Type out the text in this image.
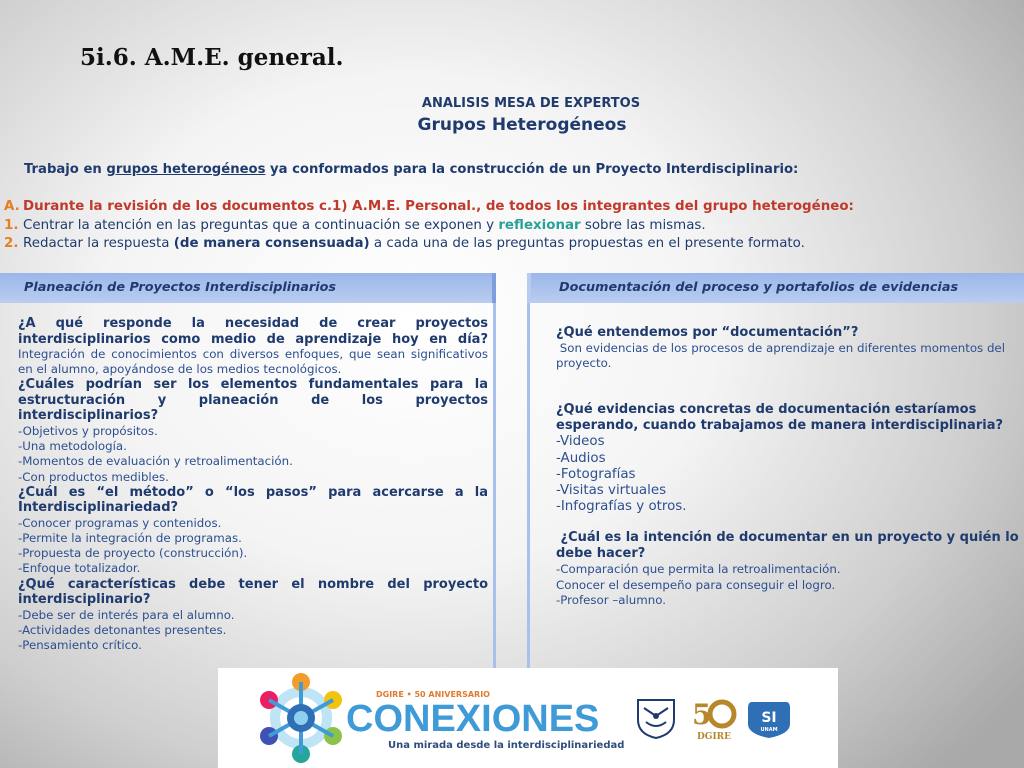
5i.6. A.M.E. general.
ANALISIS MESA DE EXPERTOS
Grupos Heterogéneos
Trabajo en grupos heterogéneos ya conformados para la construcción de un Proyecto Interdisciplinario:
A. Durante la revisión de los documentos c.1) A.M.E. Personal., de todos los integrantes del grupo heterogéneo:
1. Centrar la atención en las preguntas que a continuación se exponen y reflexionar sobre las mismas.
2. Redactar la respuesta (de manera consensuada) a cada una de las preguntas propuestas en el presente formato.
Planeación de Proyectos Interdisciplinarios	Documentación del proceso y portafolios de evidencias
¿A qué responde la necesidad de crear proyectos interdisciplinarios como medio de aprendizaje hoy en día?
Integración de conocimientos con diversos enfoques, que sean significativos en el alumno, apoyándose de los medios tecnológicos.
¿Cuáles podrían ser los elementos fundamentales para la estructuración y planeación de los proyectos interdisciplinarios?
-Objetivos y propósitos.
-Una metodología.
-Momentos de evaluación y retroalimentación.
-Con productos medibles.
¿Cuál es “el método” o “los pasos” para acercarse a la Interdisciplinariedad?
-Conocer programas y contenidos.
-Permite la integración de programas.
-Propuesta de proyecto (construcción).
-Enfoque totalizador.
¿Qué características debe tener el nombre del proyecto interdisciplinario?
-Debe ser de interés para el alumno.
-Actividades detonantes presentes.
-Pensamiento crítico.
¿Qué entendemos por “documentación”?
Son evidencias de los procesos de aprendizaje en diferentes momentos del proyecto.
¿Qué evidencias concretas de documentación estaríamos esperando, cuando trabajamos de manera interdisciplinaria?
-Videos
-Audios
-Fotografías
-Visitas virtuales
-Infografías y otros.
¿Cuál es la intención de documentar en un proyecto y quién lo debe hacer?
-Comparación que permita la retroalimentación.
Conocer el desempeño para conseguir el logro.
-Profesor –alumno.
DGIRE • 50 ANIVERSARIO
CONEXIONES
Una mirada desde la interdisciplinariedad
5
DGIRE
SI
UNAM
